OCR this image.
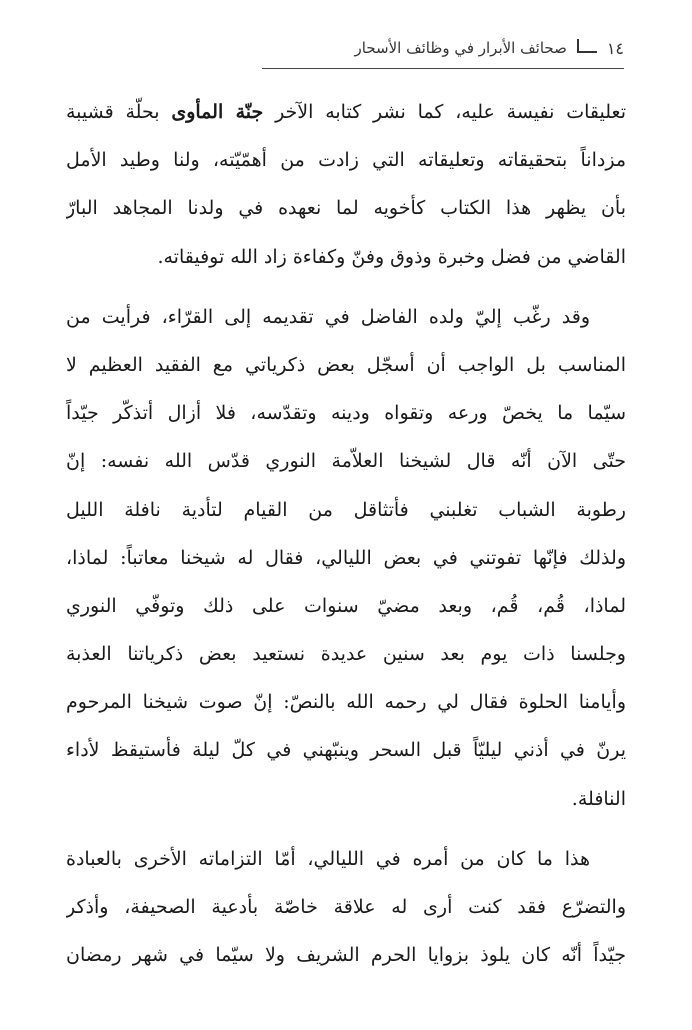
١٤
صحائف الأبرار في وظائف الأسحار
تعليقات نفيسة عليه، كما نشر كتابه الآخر جنّة المأوى بحلّة قشيبة
مزداناً بتحقيقاته وتعليقاته التي زادت من أهمّيّته، ولنا وطيد الأمل
بأن يظهر هذا الكتاب كأخويه لما نعهده في ولدنا المجاهد البارّ
القاضي من فضل وخبرة وذوق وفنّ وكفاءة زاد الله توفيقاته.
وقد رغّب إليّ ولده الفاضل في تقديمه إلى القرّاء، فرأيت من
المناسب بل الواجب أن أسجّل بعض ذكرياتي مع الفقيد العظيم لا
سيّما ما يخصّ ورعه وتقواه ودينه وتقدّسه، فلا أزال أتذكّر جيّداً
حتّى الآن أنّه قال لشيخنا العلاّمة النوري قدّس الله نفسه: إنّ
رطوبة الشباب تغلبني فأتثاقل من القيام لتأدية نافلة الليل
ولذلك فإنّها تفوتني في بعض الليالي، فقال له شيخنا معاتباً: لماذا،
لماذا، قُم، قُم، وبعد مضيّ سنوات على ذلك وتوفّي النوري
وجلسنا ذات يوم بعد سنين عديدة نستعيد بعض ذكرياتنا العذبة
وأيامنا الحلوة فقال لي رحمه الله بالنصّ: إنّ صوت شيخنا المرحوم
يرنّ في أذني ليليّاً قبل السحر وينبّهني في كلّ ليلة فأستيقظ لأداء
النافلة.
هذا ما كان من أمره في الليالي، أمّا التزاماته الأخرى بالعبادة
والتضرّع فقد كنت أرى له علاقة خاصّة بأدعية الصحيفة، وأذكر
جيّداً أنّه كان يلوذ بزوايا الحرم الشريف ولا سيّما في شهر رمضان
